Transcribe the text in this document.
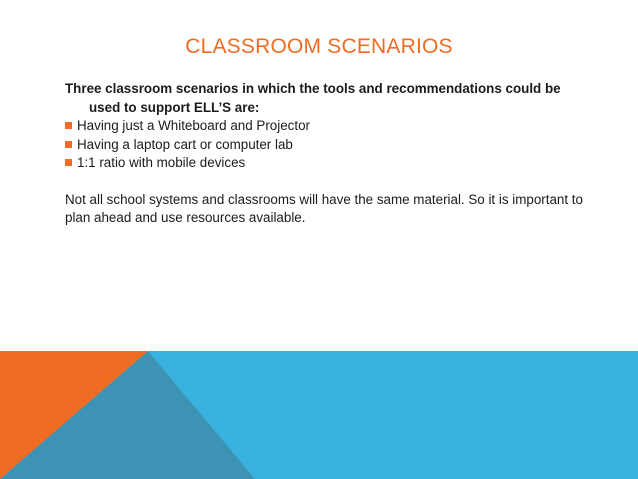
CLASSROOM SCENARIOS

Three classroom scenarios in which the tools and recommendations could be used to support ELL’S are:

Having just a Whiteboard and Projector
Having a laptop cart or computer lab
1:1 ratio with mobile devices

Not all school systems and classrooms will have the same material. So it is important to plan ahead and use resources available.
